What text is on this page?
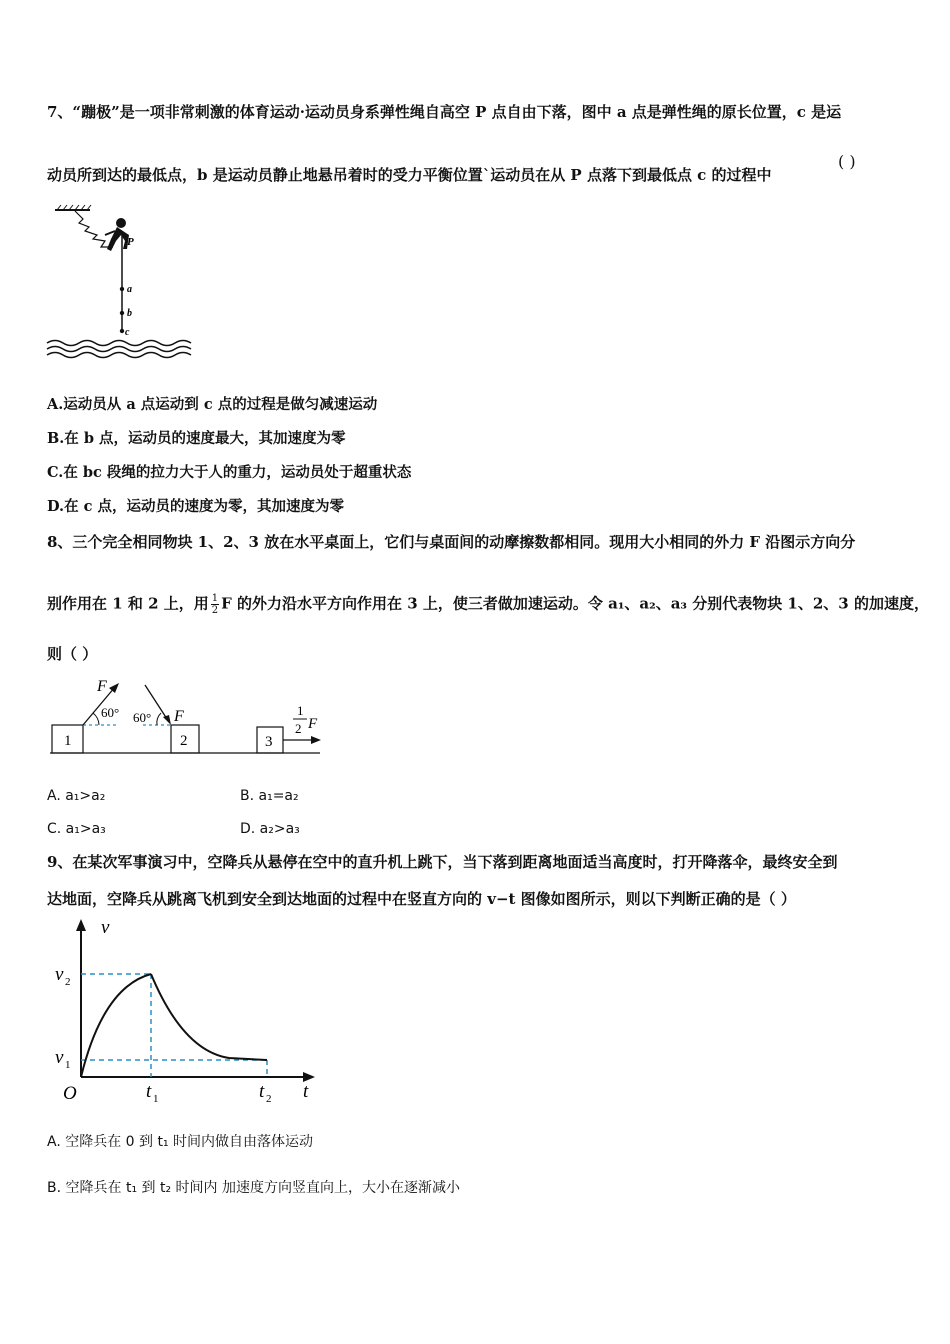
7、“蹦极”是一项非常刺激的体育运动·运动员身系弹性绳自高空 P 点自由下落，图中 a 点是弹性绳的原长位置，c 是运
动员所到达的最低点，b 是运动员静止地悬吊着时的受力平衡位置`运动员在从 P 点落下到最低点 c 的过程中
( )
P
a
b
c
A.运动员从 a 点运动到 c 点的过程是做匀减速运动
B.在 b 点，运动员的速度最大，其加速度为零
C.在 bc 段绳的拉力大于人的重力，运动员处于超重状态
D.在 c 点，运动员的速度为零，其加速度为零
8、三个完全相同物块 1、2、3 放在水平桌面上，它们与桌面间的动摩擦数都相同。现用大小相同的外力 F 沿图示方向分
别作用在 1 和 2 上，用 $\frac{1}{2}$ F 的外力沿水平方向作用在 3 上，使三者做加速运动。令 a₁、a₂、a₃ 分别代表物块 1、2、3 的加速度，
则（ ）
1	2	3
F
60° 60° F	1
2 F
A. a₁>a₂	B. a₁=a₂
C. a₁>a₃	D. a₂>a₃
9、在某次军事演习中，空降兵从悬停在空中的直升机上跳下，当下落到距离地面适当高度时，打开降落伞，最终安全到
达地面，空降兵从跳离飞机到安全到达地面的过程中在竖直方向的 v−t 图像如图所示，则以下判断正确的是（ ）
v
t
O
v 2
v 1
t 1	t 2
A. 空降兵在 0 到 t₁ 时间内做自由落体运动
B. 空降兵在 t₁ 到 t₂ 时间内 加速度方向竖直向上，大小在逐渐减小
